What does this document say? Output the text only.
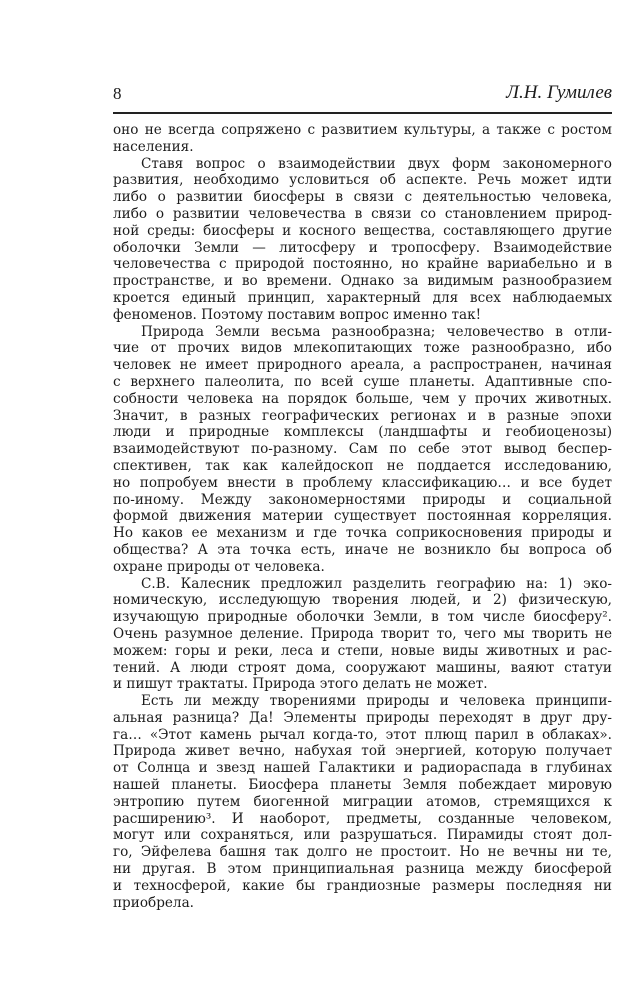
8	Л.Н. Гумилев
оно не всегда сопряжено с развитием культуры, а также с ростом
населения.
Ставя вопрос о взаимодействии двух форм закономерного
развития, необходимо условиться об аспекте. Речь может идти
либо о развитии биосферы в связи с деятельностью человека,
либо о развитии человечества в связи со становлением природ-
ной среды: биосферы и косного вещества, составляющего другие
оболочки Земли — литосферу и тропосферу. Взаимодействие
человечества с природой постоянно, но крайне вариабельно и в
пространстве, и во времени. Однако за видимым разнообразием
кроется единый принцип, характерный для всех наблюдаемых
феноменов. Поэтому поставим вопрос именно так!
Природа Земли весьма разнообразна; человечество в отли-
чие от прочих видов млекопитающих тоже разнообразно, ибо
человек не имеет природного ареала, а распространен, начиная
с верхнего палеолита, по всей суше планеты. Адаптивные спо-
собности человека на порядок больше, чем у прочих животных.
Значит, в разных географических регионах и в разные эпохи
люди и природные комплексы (ландшафты и геобиоценозы)
взаимодействуют по-разному. Сам по себе этот вывод беспер-
спективен, так как калейдоскоп не поддается исследованию,
но попробуем внести в проблему классификацию… и все будет
по-иному. Между закономерностями природы и социальной
формой движения материи существует постоянная корреляция.
Но каков ее механизм и где точка соприкосновения природы и
общества? А эта точка есть, иначе не возникло бы вопроса об
охране природы от человека.
С.В. Калесник предложил разделить географию на: 1) эко-
номическую, исследующую творения людей, и 2) физическую,
изучающую природные оболочки Земли, в том числе биосферу².
Очень разумное деление. Природа творит то, чего мы творить не
можем: горы и реки, леса и степи, новые виды животных и рас-
тений. А люди строят дома, сооружают машины, ваяют статуи
и пишут трактаты. Природа этого делать не может.
Есть ли между творениями природы и человека принципи-
альная разница? Да! Элементы природы переходят в друг дру-
га… «Этот камень рычал когда-то, этот плющ парил в облаках».
Природа живет вечно, набухая той энергией, которую получает
от Солнца и звезд нашей Галактики и радиораспада в глубинах
нашей планеты. Биосфера планеты Земля побеждает мировую
энтропию путем биогенной миграции атомов, стремящихся к
расширению³. И наоборот, предметы, созданные человеком,
могут или сохраняться, или разрушаться. Пирамиды стоят дол-
го, Эйфелева башня так долго не простоит. Но не вечны ни те,
ни другая. В этом принципиальная разница между биосферой
и техносферой, какие бы грандиозные размеры последняя ни
приобрела.
